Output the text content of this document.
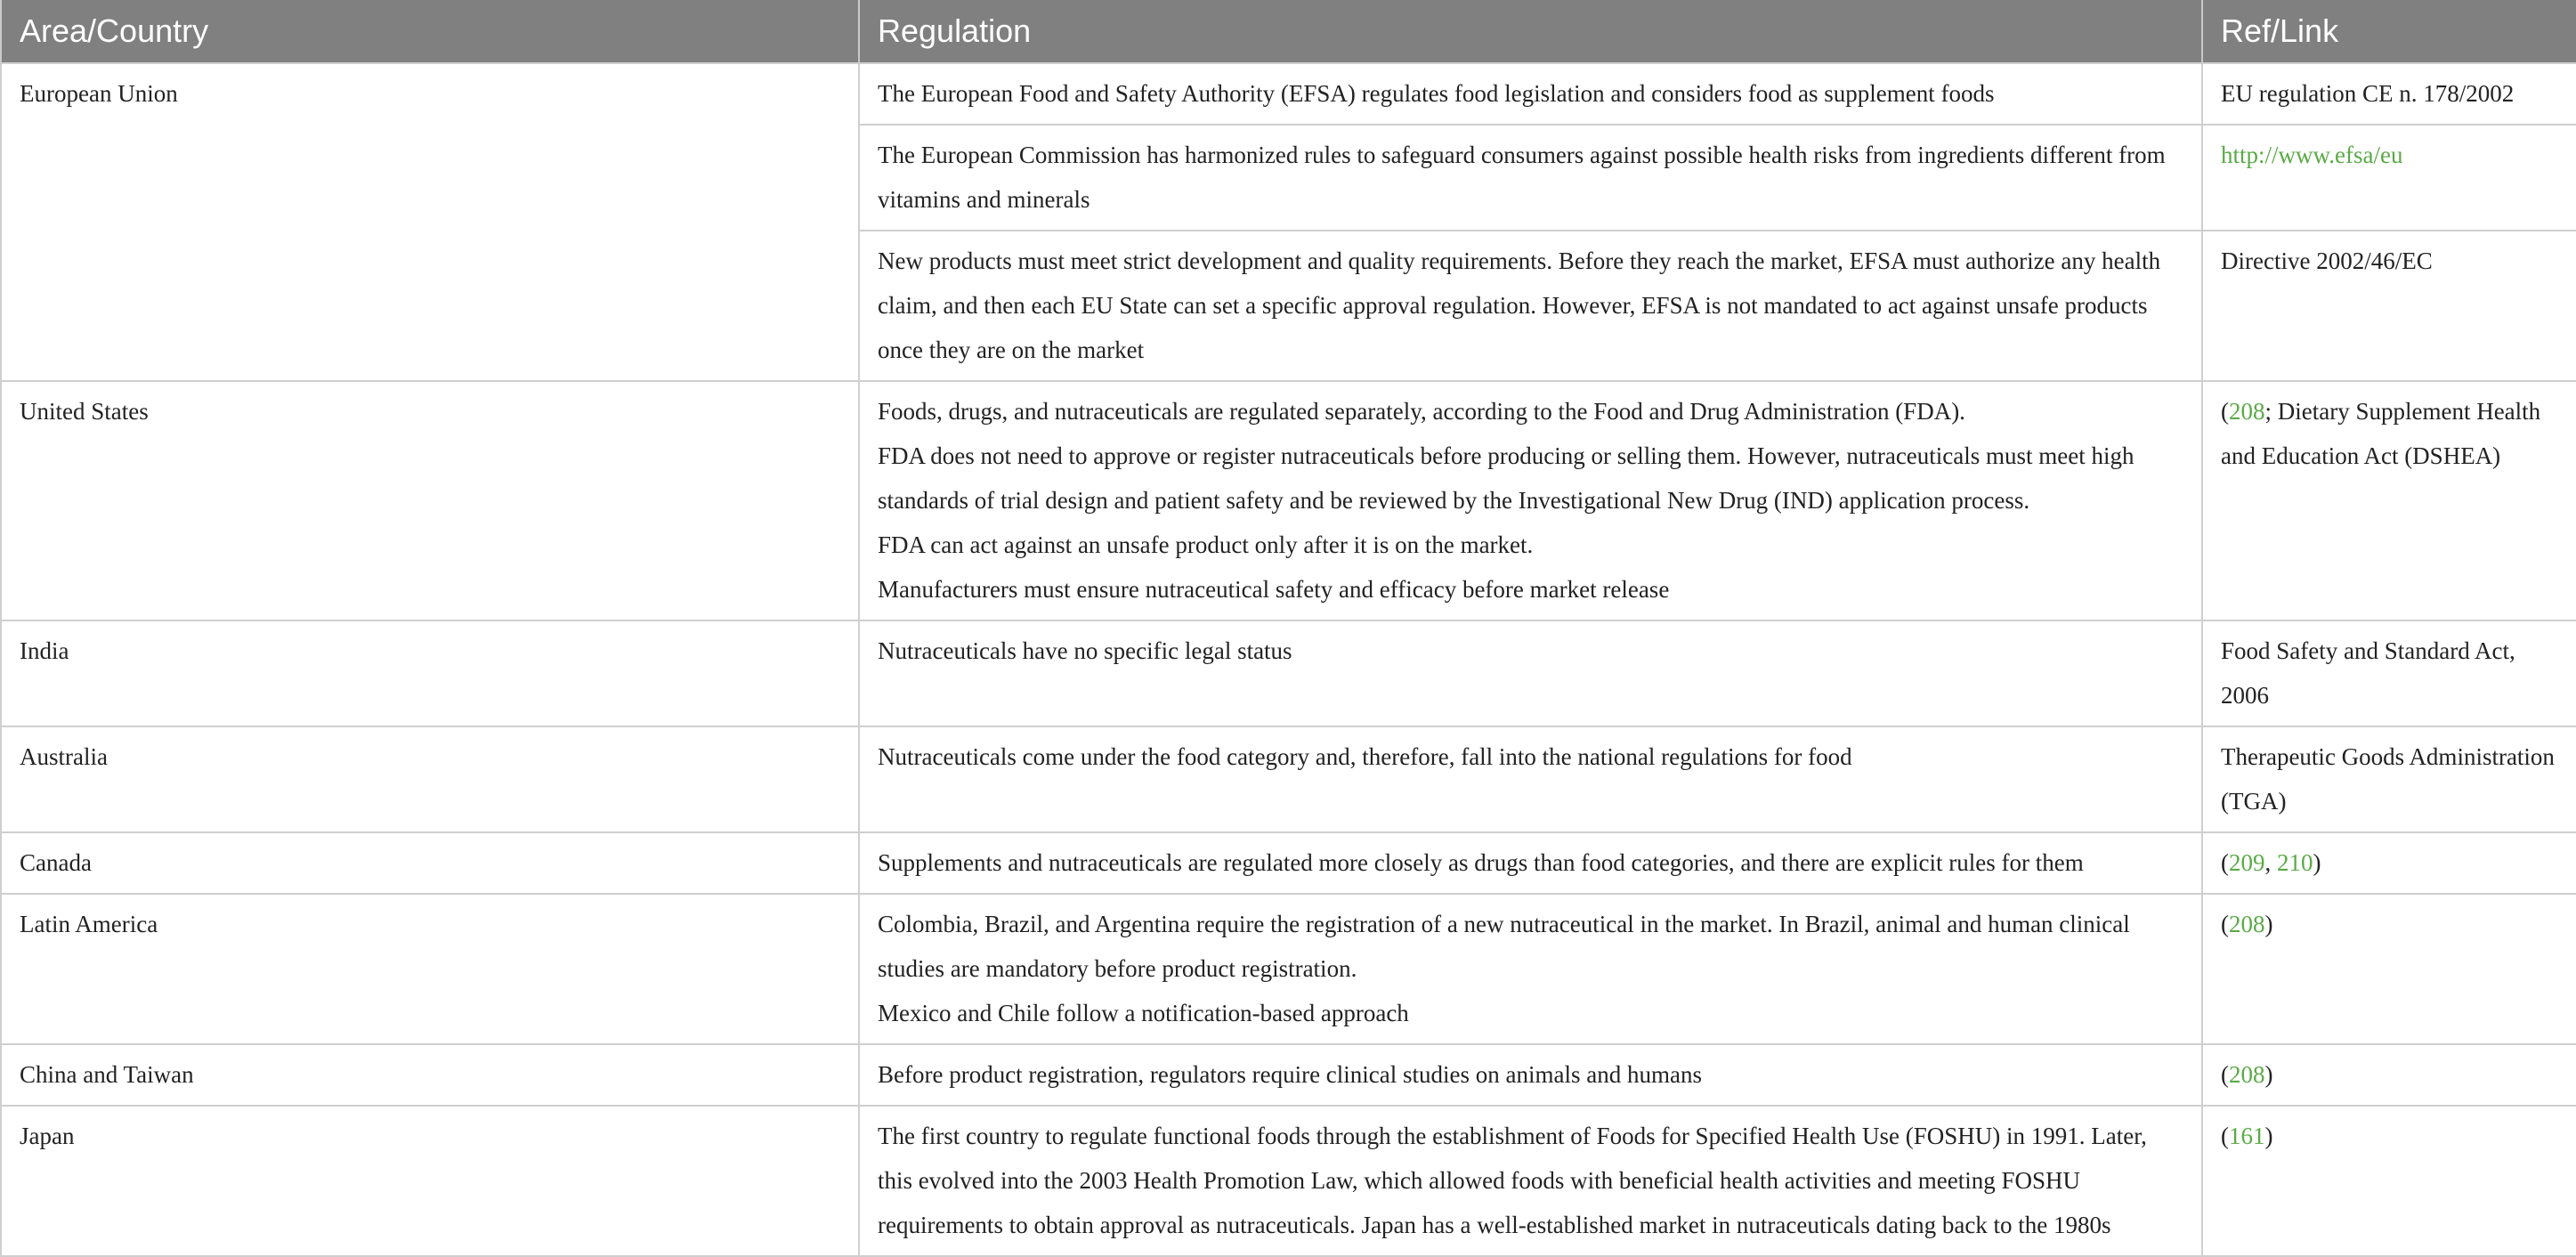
Area/Country	Regulation	Ref/Link
European Union	The European Food and Safety Authority (EFSA) regulates food legislation and considers food as supplement foods	EU regulation CE n. 178/2002

	The European Commission has harmonized rules to safeguard consumers against possible health risks from ingredients different from vitamins and minerals	http://www.efsa/eu

	New products must meet strict development and quality requirements. Before they reach the market, EFSA must authorize any health claim, and then each EU State can set a specific approval regulation. However, EFSA is not mandated to act against unsafe products once they are on the market	Directive 2002/46/EC

United States	Foods, drugs, and nutraceuticals are regulated separately, according to the Food and Drug Administration (FDA).
FDA does not need to approve or register nutraceuticals before producing or selling them. However, nutraceuticals must meet high standards of trial design and patient safety and be reviewed by the Investigational New Drug (IND) application process.
FDA can act against an unsafe product only after it is on the market.
Manufacturers must ensure nutraceutical safety and efficacy before market release	(208; Dietary Supplement Health and Education Act (DSHEA)
India	Nutraceuticals have no specific legal status	Food Safety and Standard Act, 2006

Australia	Nutraceuticals come under the food category and, therefore, fall into the national regulations for food	Therapeutic Goods Administration (TGA)

Canada	Supplements and nutraceuticals are regulated more closely as drugs than food categories, and there are explicit rules for them	(209, 210)
Latin America	Colombia, Brazil, and Argentina require the registration of a new nutraceutical in the market. In Brazil, animal and human clinical studies are mandatory before product registration.
Mexico and Chile follow a notification-based approach	(208)
China and Taiwan	Before product registration, regulators require clinical studies on animals and humans	(208)
Japan	The first country to regulate functional foods through the establishment of Foods for Specified Health Use (FOSHU) in 1991. Later, this evolved into the 2003 Health Promotion Law, which allowed foods with beneficial health activities and meeting FOSHU requirements to obtain approval as nutraceuticals. Japan has a well-established market in nutraceuticals dating back to the 1980s	(161)
